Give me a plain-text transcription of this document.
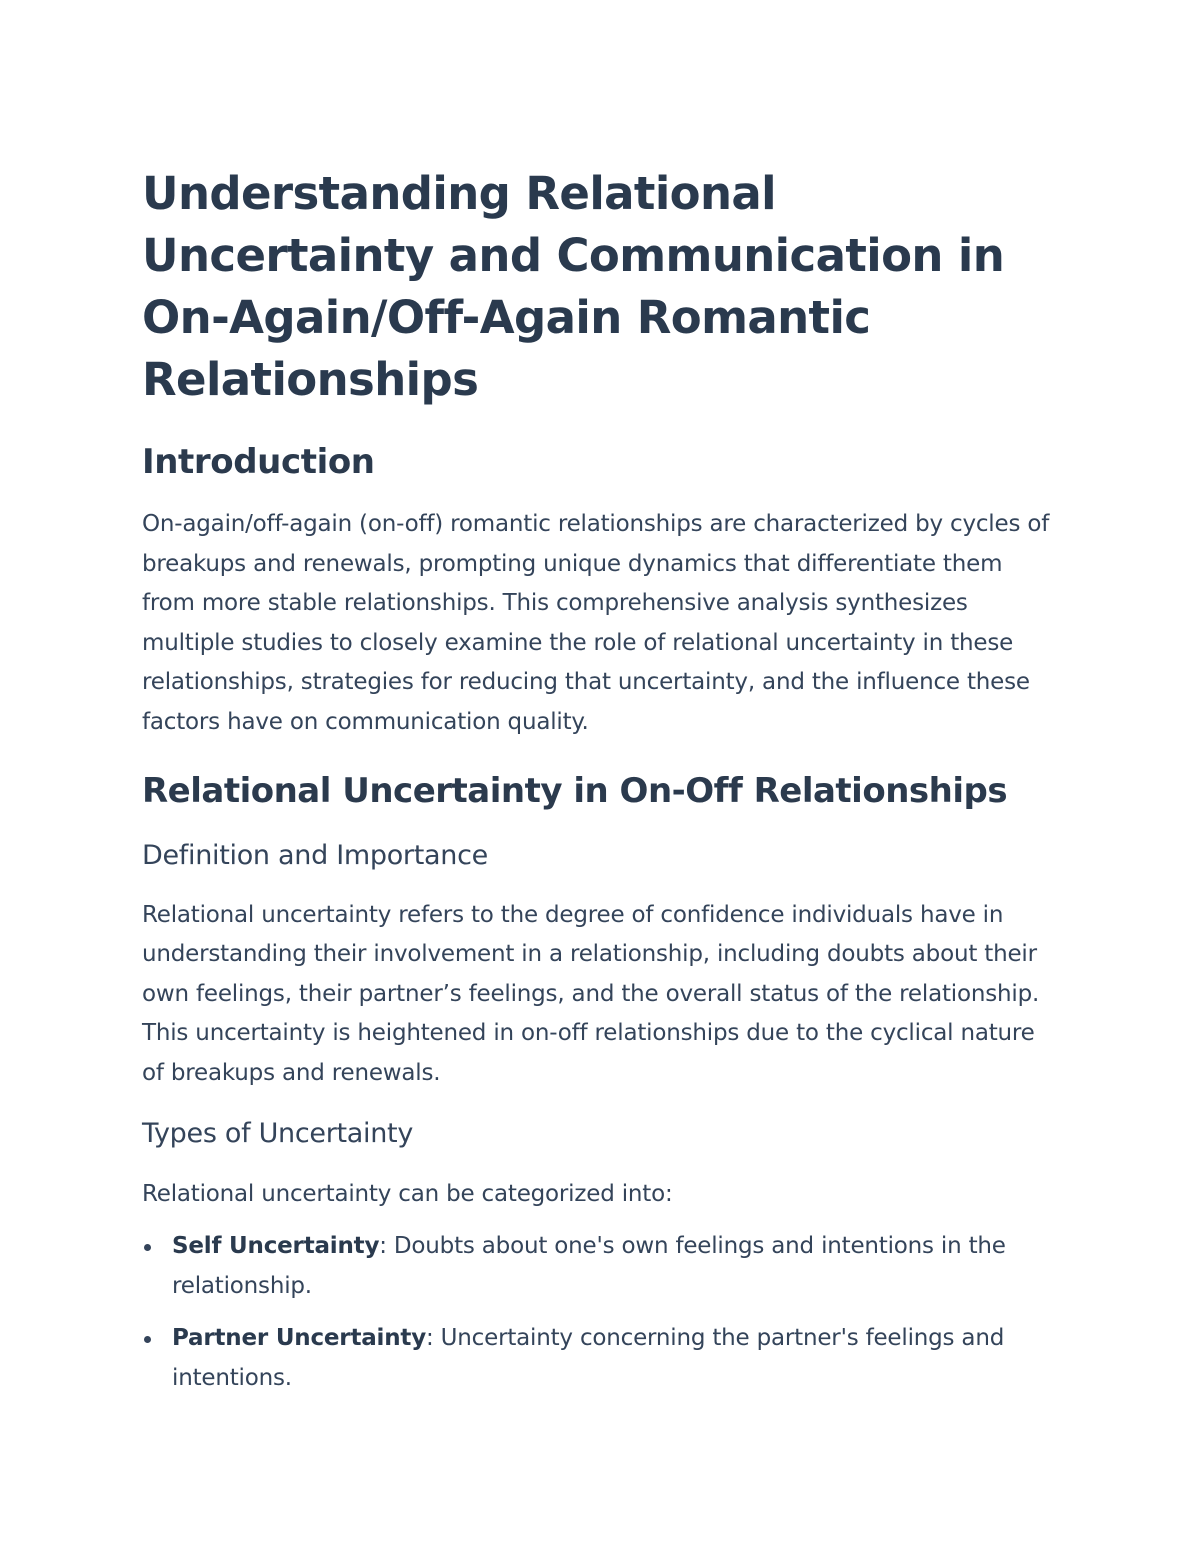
Understanding Relational Uncertainty and Communication in On-Again/Off-Again Romantic Relationships
Introduction

On-again/off-again (on-off) romantic relationships are characterized by cycles of breakups and renewals, prompting unique dynamics that differentiate them from more stable relationships. This comprehensive analysis synthesizes multiple studies to closely examine the role of relational uncertainty in these relationships, strategies for reducing that uncertainty, and the influence these factors have on communication quality.

Relational Uncertainty in On-Off Relationships
Definition and Importance

Relational uncertainty refers to the degree of confidence individuals have in understanding their involvement in a relationship, including doubts about their own feelings, their partner’s feelings, and the overall status of the relationship. This uncertainty is heightened in on-off relationships due to the cyclical nature of breakups and renewals.

Types of Uncertainty

Relational uncertainty can be categorized into:

Self Uncertainty: Doubts about one's own feelings and intentions in the relationship.
Partner Uncertainty: Uncertainty concerning the partner's feelings and intentions.
